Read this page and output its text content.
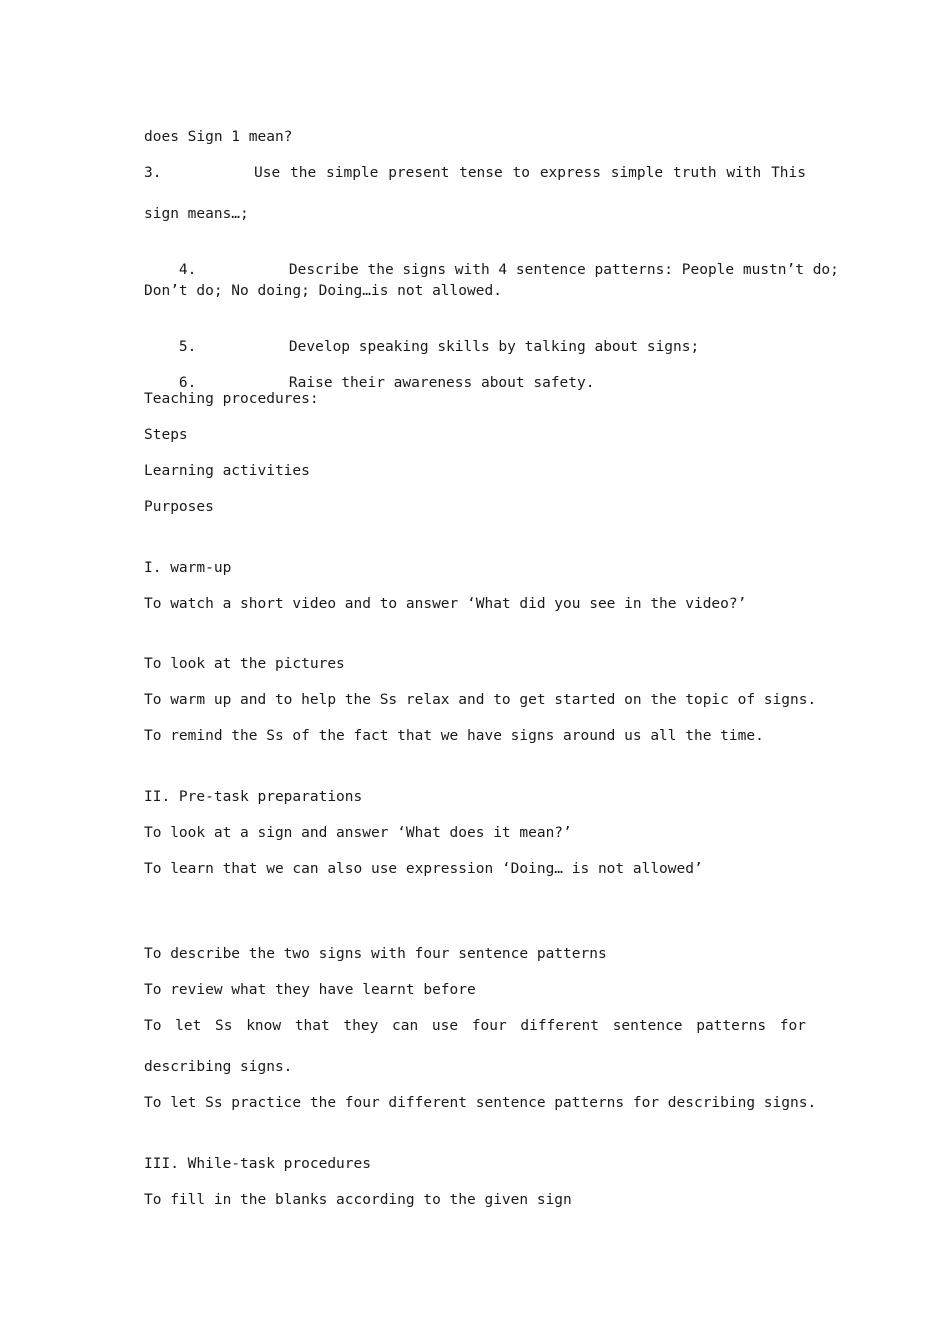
does Sign 1 mean?
3.	Use the simple present tense to express simple truth with This
sign means…;

4.	Describe the signs with 4 sentence patterns: People mustn’t do;

Don’t do; No doing; Doing…is not allowed.

5.	Develop speaking skills by talking about signs;

6.	Raise their awareness about safety.

Teaching procedures:
Steps
Learning activities
Purposes
I. warm-up
To watch a short video and to answer ‘What did you see in the video?’
To look at the pictures
To warm up and to help the Ss relax and to get started on the topic of signs.
To remind the Ss of the fact that we have signs around us all the time.
II. Pre-task preparations
To look at a sign and answer ‘What does it mean?’
To learn that we can also use expression ‘Doing… is not allowed’
To describe the two signs with four sentence patterns
To review what they have learnt before
To let Ss know that they can use four different sentence patterns for
describing signs.
To let Ss practice the four different sentence patterns for describing signs.
III. While-task procedures
To fill in the blanks according to the given sign
